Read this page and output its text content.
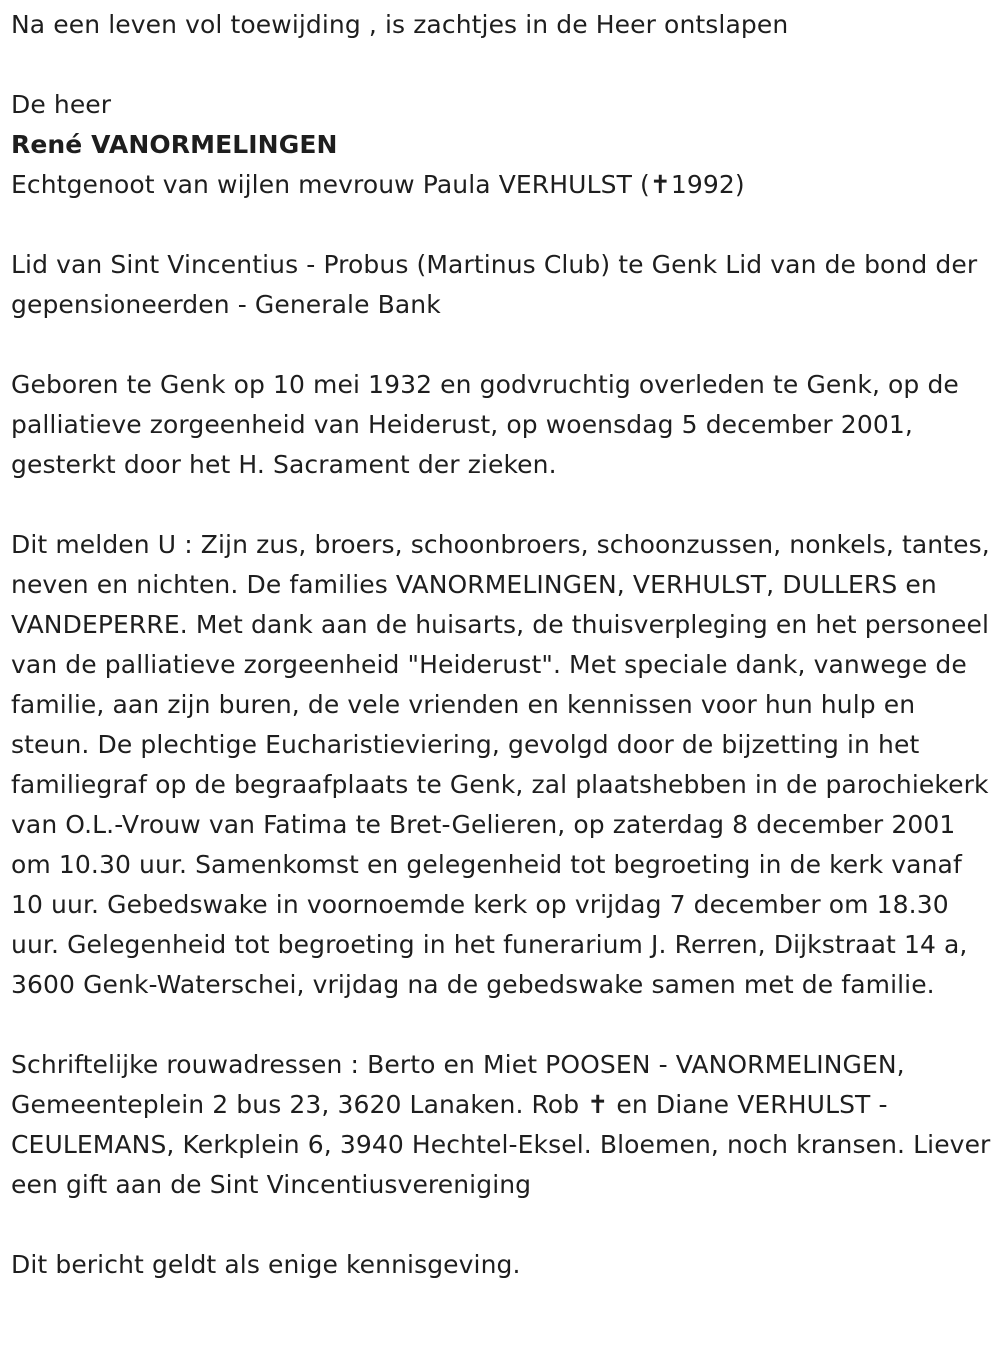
Na een leven vol toewijding , is zachtjes in de Heer ontslapen

De heer

René VANORMELINGEN

Echtgenoot van wijlen mevrouw Paula VERHULST (✝1992)

Lid van Sint Vincentius - Probus (Martinus Club) te Genk Lid van de bond der gepensioneerden - Generale Bank

Geboren te Genk op 10 mei 1932 en godvruchtig overleden te Genk, op de palliatieve zorgeenheid van Heiderust, op woensdag 5 december 2001, gesterkt door het H. Sacrament der zieken.

Dit melden U : Zijn zus, broers, schoonbroers, schoonzussen, nonkels, tantes, neven en nichten. De families VANORMELINGEN, VERHULST, DULLERS en VANDEPERRE. Met dank aan de huisarts, de thuisverpleging en het personeel van de palliatieve zorgeenheid "Heiderust". Met speciale dank, vanwege de familie, aan zijn buren, de vele vrienden en kennissen voor hun hulp en steun. De plechtige Eucharistieviering, gevolgd door de bijzetting in het familiegraf op de begraafplaats te Genk, zal plaatshebben in de parochiekerk van O.L.-Vrouw van Fatima te Bret-Gelieren, op zaterdag 8 december 2001 om 10.30 uur. Samenkomst en gelegenheid tot begroeting in de kerk vanaf 10 uur. Gebedswake in voornoemde kerk op vrijdag 7 december om 18.30 uur. Gelegenheid tot begroeting in het funerarium J. Rerren, Dijkstraat 14 a, 3600 Genk-Waterschei, vrijdag na de gebedswake samen met de familie.

Schriftelijke rouwadressen : Berto en Miet POOSEN - VANORMELINGEN, Gemeenteplein 2 bus 23, 3620 Lanaken. Rob ✝ en Diane VERHULST - CEULEMANS, Kerkplein 6, 3940 Hechtel-Eksel. Bloemen, noch kransen. Liever een gift aan de Sint Vincentiusvereniging

Dit bericht geldt als enige kennisgeving.
